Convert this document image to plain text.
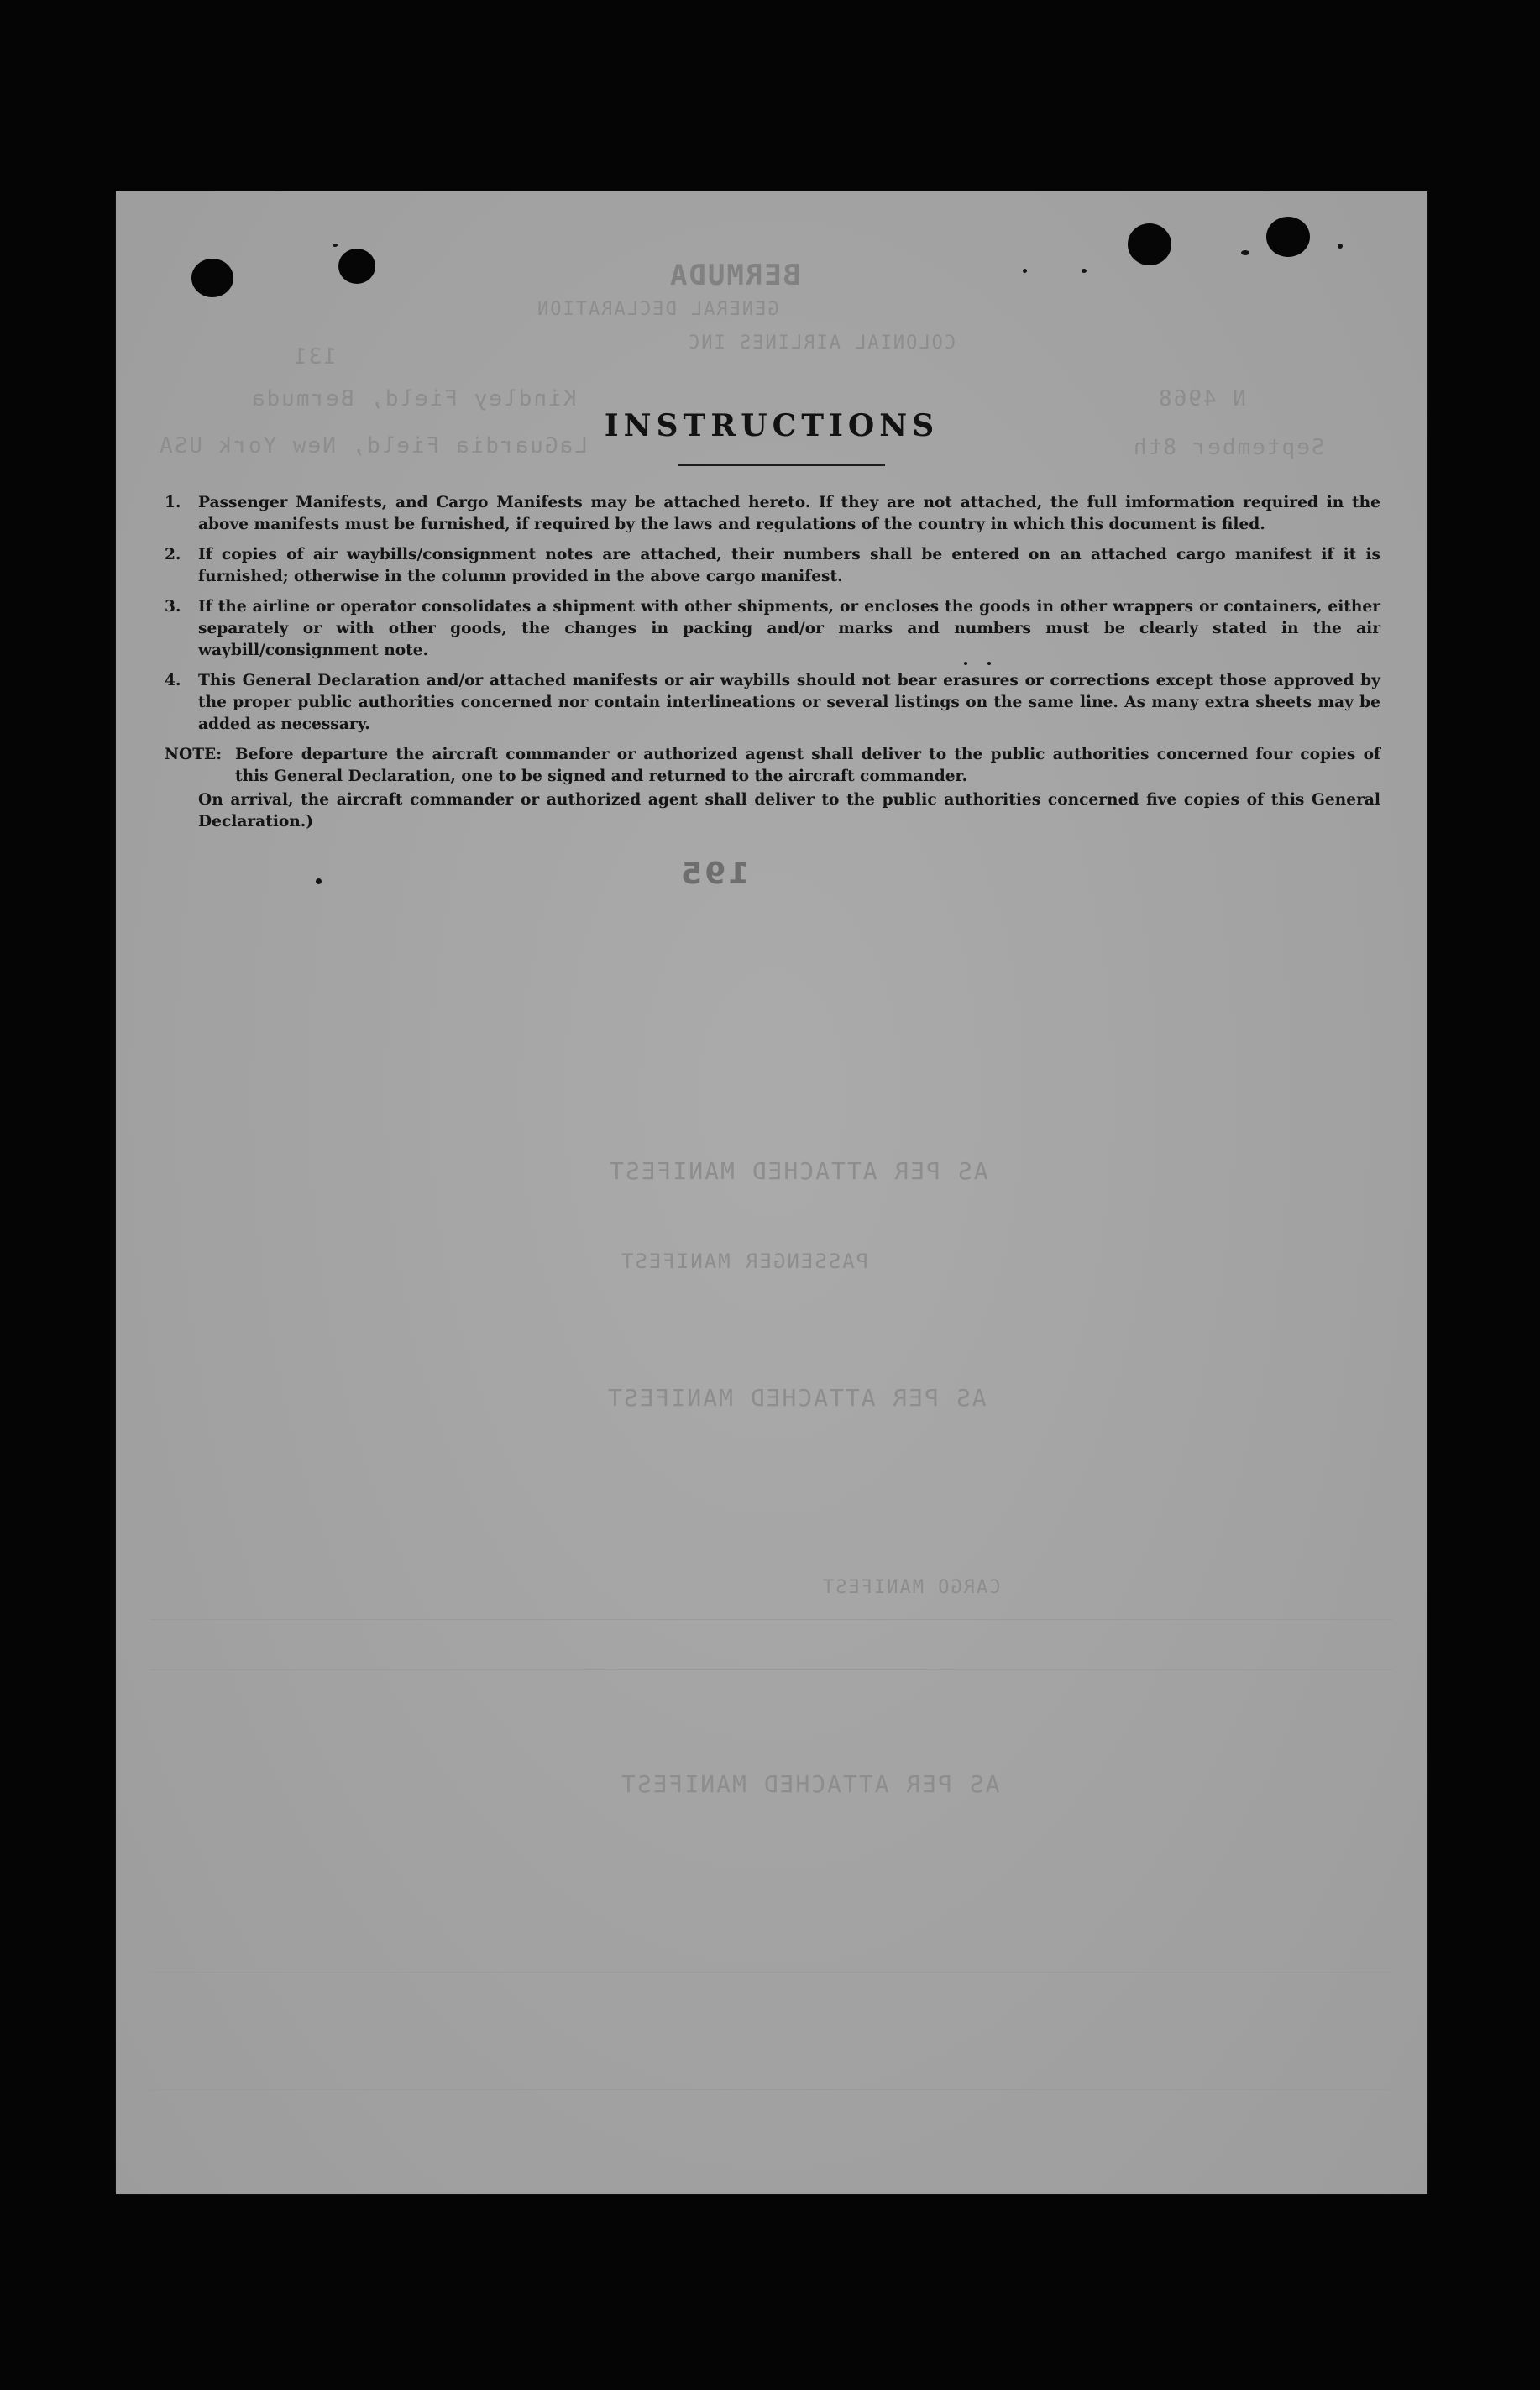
BERMUDA
GENERAL DECLARATION
COLONIAL AIRLINES INC
131
N 4968
Kindley Field, Bermuda
September 8th
LaGuardia Field, New York USA
AS PER ATTACHED MANIFEST
PASSENGER MANIFEST
AS PER ATTACHED MANIFEST
CARGO MANIFEST
AS PER ATTACHED MANIFEST
INSTRUCTIONS
1.	Passenger Manifests, and Cargo Manifests may be attached hereto. If they are not attached, the full imformation required in the above manifests must be furnished, if required by the laws and regulations of the country in which this document is filed.
2.	If copies of air waybills/consignment notes are attached, their numbers shall be entered on an attached cargo manifest if it is furnished; otherwise in the column provided in the above cargo manifest.
3.	If the airline or operator consolidates a shipment with other shipments, or encloses the goods in other wrappers or containers, either separately or with other goods, the changes in packing and/or marks and numbers must be clearly stated in the air waybill/consignment note.
4.	This General Declaration and/or attached manifests or air waybills should not bear erasures or corrections except those approved by the proper public authorities concerned nor contain interlineations or several listings on the same line. As many extra sheets may be added as necessary.
NOTE: Before departure the aircraft commander or authorized agenst shall deliver to the public authorities concerned four copies of this General Declaration, one to be signed and returned to the aircraft commander.
On arrival, the aircraft commander or authorized agent shall deliver to the public authorities concerned five copies of this General Declaration.)
195
